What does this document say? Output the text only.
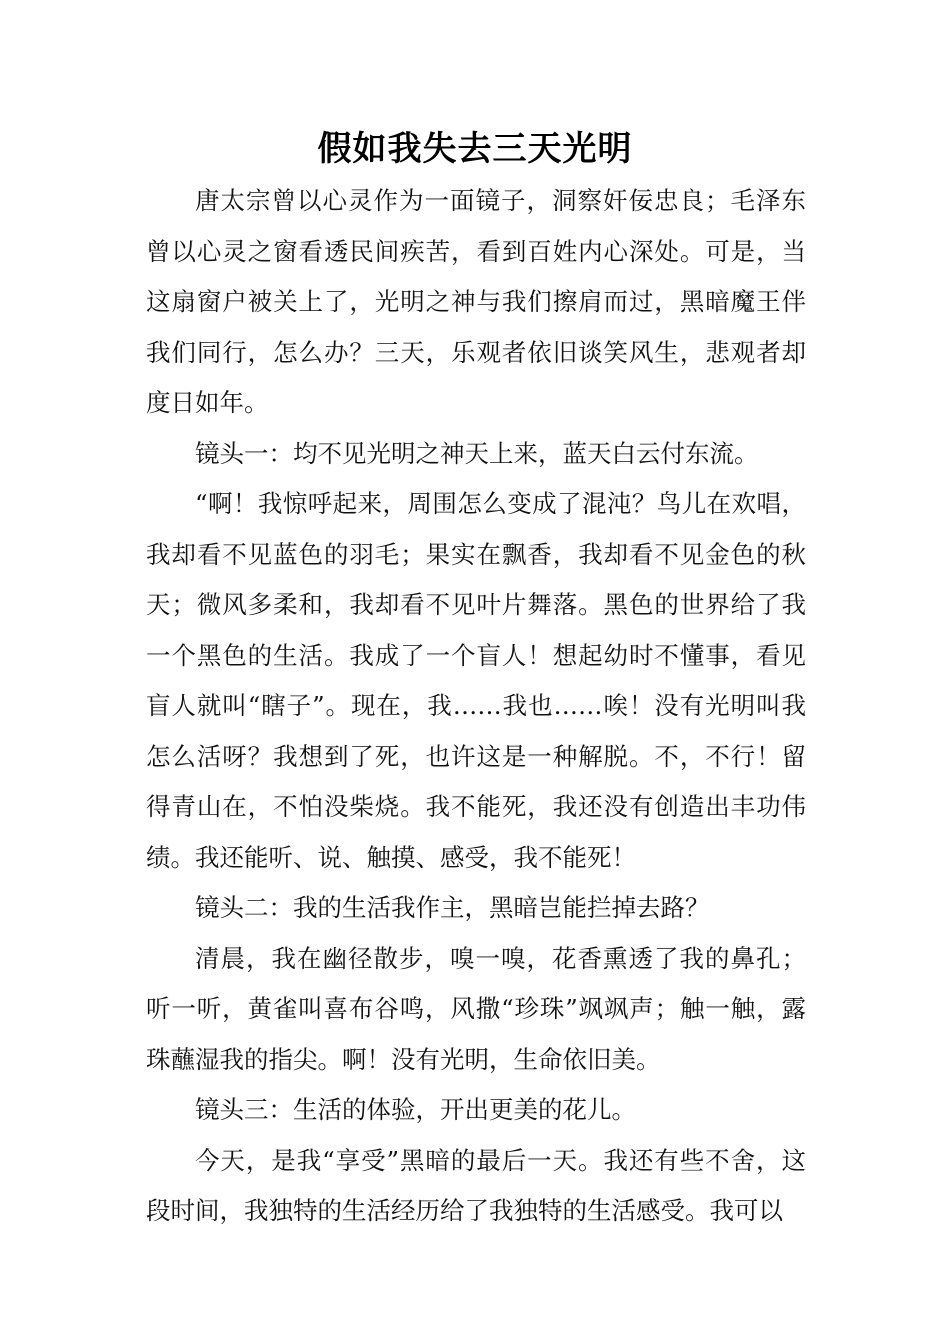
假如我失去三天光明

唐太宗曾以心灵作为一面镜子，洞察奸佞忠良；毛泽东曾以心灵之窗看透民间疾苦，看到百姓内心深处。可是，当这扇窗户被关上了，光明之神与我们擦肩而过，黑暗魔王伴我们同行，怎么办？三天，乐观者依旧谈笑风生，悲观者却度日如年。

镜头一：均不见光明之神天上来，蓝天白云付东流。

“啊！我惊呼起来，周围怎么变成了混沌？鸟儿在欢唱，我却看不见蓝色的羽毛；果实在飘香，我却看不见金色的秋天；微风多柔和，我却看不见叶片舞落。黑色的世界给了我一个黑色的生活。我成了一个盲人！想起幼时不懂事，看见盲人就叫“瞎子”。现在，我……我也……唉！没有光明叫我怎么活呀？我想到了死，也许这是一种解脱。不，不行！留得青山在，不怕没柴烧。我不能死，我还没有创造出丰功伟绩。我还能听、说、触摸、感受，我不能死！

镜头二：我的生活我作主，黑暗岂能拦掉去路？

清晨，我在幽径散步，嗅一嗅，花香熏透了我的鼻孔；听一听，黄雀叫喜布谷鸣，风撒“珍珠”飒飒声；触一触，露珠蘸湿我的指尖。啊！没有光明，生命依旧美。

镜头三：生活的体验，开出更美的花儿。

今天，是我“享受”黑暗的最后一天。我还有些不舍，这段时间，我独特的生活经历给了我独特的生活感受。我可以
